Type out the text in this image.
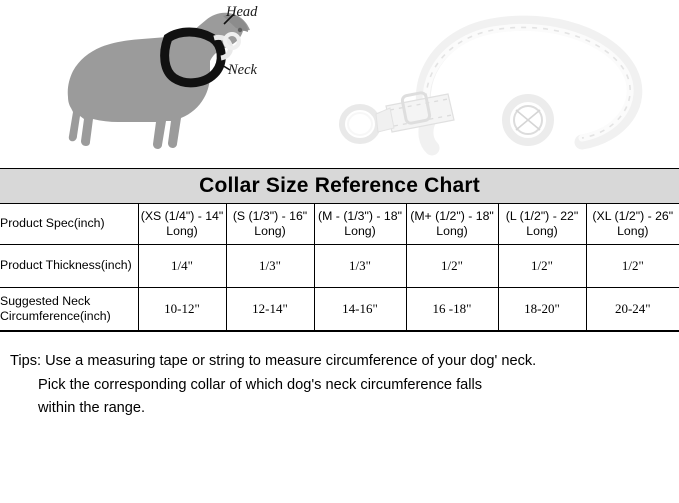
Head
Neck
Collar Size Reference Chart						
Product Spec(inch)	(XS (1/4") - 14" Long)	(S (1/3") - 16" Long)	(M - (1/3") - 18" Long)	(M+ (1/2") - 18" Long)	(L (1/2") - 22" Long)	(XL (1/2") - 26" Long)
Product Thickness(inch)	1/4"	1/3"	1/3"	1/2"	1/2"	1/2"
Suggested Neck Circumference(inch)	10-12"	12-14"	14-16"	16 -18"	18-20"	20-24"
Tips: Use a measuring tape or string to measure circumference of your dog' neck.
Pick the corresponding collar of which dog's neck circumference falls
within the range.
